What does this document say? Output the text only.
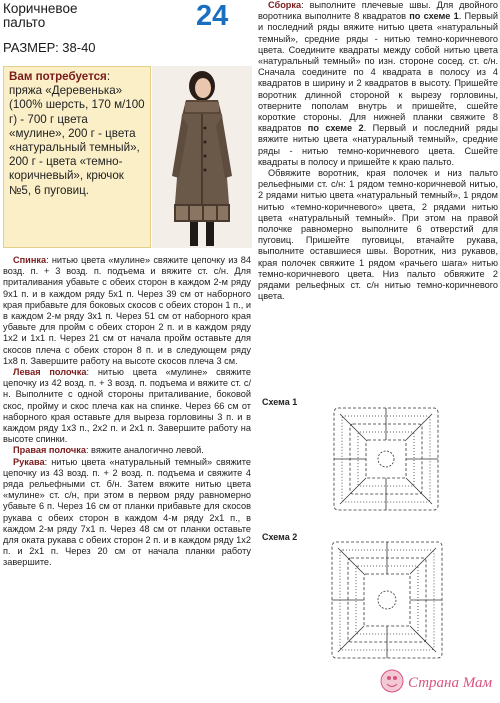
Коричневое пальто
РАЗМЕР: 38-40
24
Вам потребуется: пряжа «Деревенька» (100% шерсть, 170 м/100 г) - 700 г цвета «мулине», 200 г - цвета «натуральный темный», 200 г - цвета «темно-коричневый», крючок №5, 6 пуговиц.

Спинка: нитью цвета «мулине» свяжите цепочку из 84 возд. п. + 3 возд. п. подъема и вяжите ст. с/н. Для приталивания убавьте с обеих сторон в каждом 2-м ряду 9x1 п. и в каждом ряду 5x1 п. Через 39 см от наборного края прибавьте для боковых скосов с обеих сторон 1 п., и в каждом 2-м ряду 3x1 п. Через 51 см от наборного края убавьте для пройм с обеих сторон 2 п. и в каждом ряду 1x2 и 1x1 п. Через 21 см от начала пройм оставьте для скосов плеча с обеих сторон 8 п. и в следующем ряду 1x8 п. Завершите работу на высоте скосов плеча 3 см.

Левая полочка: нитью цвета «мулине» свяжите цепочку из 42 возд. п. + 3 возд. п. подъема и вяжите ст. с/н. Выполните с одной стороны приталивание, боковой скос, пройму и скос плеча как на спинке. Через 66 см от наборного края оставьте для выреза горловины 3 п. и в каждом ряду 1x3 п., 2x2 п. и 2x1 п. Завершите работу на высоте спинки.

Правая полочка: вяжите аналогично левой.

Рукава: нитью цвета «натуральный темный» свяжите цепочку из 43 возд. п. + 2 возд. п. подъема и свяжите 4 ряда рельефными ст. б/н. Затем вяжите нитью цвета «мулине» ст. с/н, при этом в первом ряду равномерно убавьте 6 п. Через 16 см от планки прибавьте для скосов рукава с обеих сторон в каждом 4-м ряду 2x1 п., в каждом 2-м ряду 7x1 п. Через 48 см от планки оставьте для оката рукава с обеих сторон 2 п. и в каждом ряду 1x2 п. и 2x1 п. Через 20 см от начала планки работу завершите.

Сборка: выполните плечевые швы. Для двойного воротника выполните 8 квадратов по схеме 1. Первый и последний ряды вяжите нитью цвета «натуральный темный», средние ряды - нитью темно-коричневого цвета. Соедините квадраты между собой нитью цвета «натуральный темный» по изн. стороне сосед. ст. с/н. Сначала соедините по 4 квадрата в полосу из 4 квадратов в ширину и 2 квадратов в высоту. Пришейте воротник длинной стороной к вырезу горловины, отверните пополам внутрь и пришейте, сшейте короткие стороны. Для нижней планки свяжите 8 квадратов по схеме 2. Первый и последний ряды вяжите нитью цвета «натуральный темный», средние ряды - нитью темно-коричневого цвета. Сшейте квадраты в полосу и пришейте к краю пальто.

Обвяжите воротник, края полочек и низ пальто рельефными ст. с/н: 1 рядом темно-коричневой нитью, 2 рядами нитью цвета «натуральный темный», 1 рядом нитью «темно-коричневого» цвета, 2 рядами нитью цвета «натуральный темный». При этом на правой полочке равномерно выполните 6 отверстий для пуговиц. Пришейте пуговицы, втачайте рукава, выполните оставшиеся швы. Воротник, низ рукавов, края полочек свяжите 1 рядом «рачьего шага» нитью темно-коричневого цвета. Низ пальто обвяжите 2 рядами рельефных ст. с/н нитью темно-коричневого цвета.

Схема 1
Схема 2
Страна Мам
